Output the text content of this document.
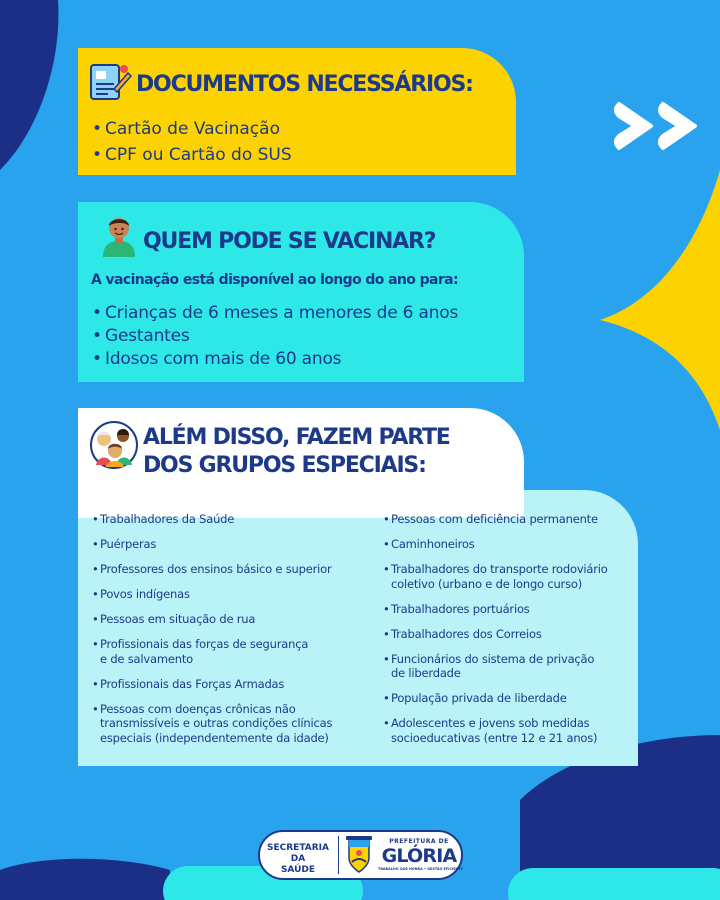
DOCUMENTOS NECESSÁRIOS:
• Cartão de Vacinação
• CPF ou Cartão do SUS
QUEM PODE SE VACINAR?
A vacinação está disponível ao longo do ano para:
• Crianças de 6 meses a menores de 6 anos
• Gestantes
• Idosos com mais de 60 anos
ALÉM DISSO, FAZEM PARTE
DOS GRUPOS ESPECIAIS:
• Trabalhadores da Saúde
• Puérperas
• Professores dos ensinos básico e superior
• Povos indígenas
• Pessoas em situação de rua
• Profissionais das forças de segurança
e de salvamento
• Profissionais das Forças Armadas
• Pessoas com doenças crônicas não
transmissíveis e outras condições clínicas
especiais (independentemente da idade)
• Pessoas com deficiência permanente
• Caminhoneiros
• Trabalhadores do transporte rodoviário
coletivo (urbano e de longo curso)
• Trabalhadores portuários
• Trabalhadores dos Correios
• Funcionários do sistema de privação
de liberdade
• População privada de liberdade
• Adolescentes e jovens sob medidas
socioeducativas (entre 12 e 21 anos)
SECRETARIA DA
SAÚDE
PREFEITURA DE
GLÓRIA
TRABALHO QUE HONRA • GESTÃO EFICIENTE
